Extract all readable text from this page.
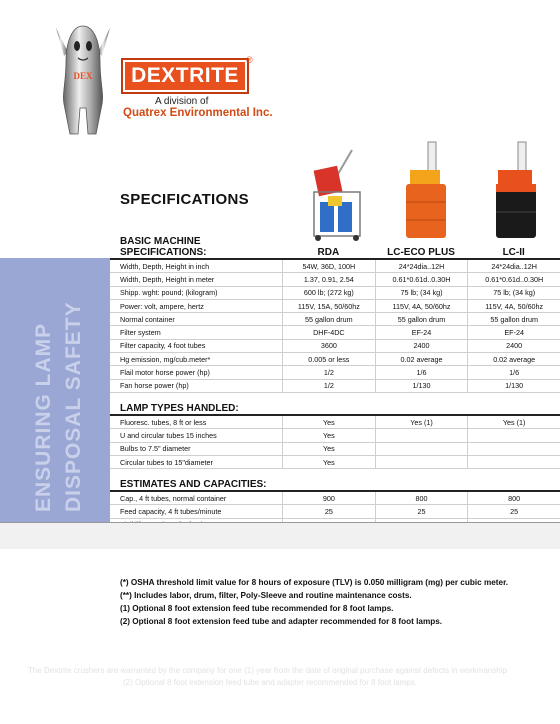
DEX DEXTRITE
®
A division of
Quatrex Environmental Inc.
SPECIFICATIONS
ENSURING LAMP DISPOSAL SAFETY
BASIC MACHINE SPECIFICATIONS:	RDA	LC-ECO PLUS	LC-II
Width, Depth, Height in inch	54W, 36D, 100H	24*24dia..12H	24*24dia..12H
Width, Depth, Height in meter	1.37, 0.91, 2.54	0.61*0.61d..0.30H	0.61*0.61d..0.30H
Shipp. wght: pound; (kilogram)	600 lb; (272 kg)	75 lb; (34 kg)	75 lb; (34 kg)
Power: volt, ampere, hertz	115V, 15A, 50/60hz	115V, 4A, 50/60hz	115V, 4A, 50/60hz
Normal container	55 gallon drum	55 gallon drum	55 gallon drum
Filter system	DHF-4DC	EF-24	EF-24
Filter capacity, 4 foot tubes	3600	2400	2400
Hg emission, mg/cub.meter*	0.005 or less	0.02 average	0.02 average
Flail motor horse power (hp)	1/2	1/6	1/6
Fan horse power (hp)	1/2	1/130	1/130
LAMP TYPES HANDLED:
Fluoresc. tubes, 8 ft or less	Yes	Yes (1)	Yes (1)
U and circular tubes 15 inches	Yes
Bulbs to 7.5" diameter	Yes
Circular tubes to 15"diameter	Yes
ESTIMATES AND CAPACITIES:
Cap., 4 ft tubes, normal container	900	800	800
Feed capacity, 4 ft tubes/minute	25	25	25
(*) OSHA threshold limit value for 8 hours of exposure (TLV) is 0.050 milligram (mg) per cubic meter.
(**) Includes labor, drum, filter, Poly-Sleeve and routine maintenance costs.
(1) Optional 8 foot extension feed tube recommended for 8 foot lamps.
(2) Optional 8 foot extension feed tube and adapter recommended for 8 foot lamps.
The Dextrite crushers are warranted by the company for one (1) year from the date of original purchase against defects in workmanship
(2) Optional 8 foot extension feed tube and adapter recommended for 8 foot lamps.
